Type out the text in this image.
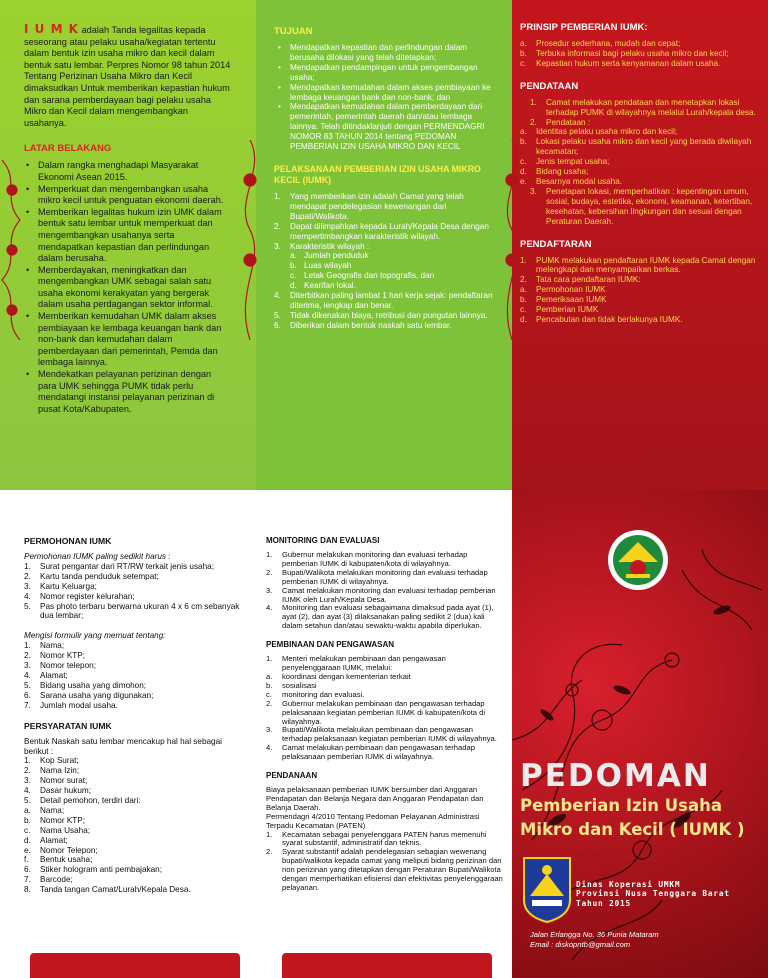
I U M K adalah Tanda legalitas kepada seseorang atau pelaku usaha/kegiatan tertentu dalam bentuk izin usaha mikro dan kecil dalam bentuk satu lembar. Perpres Nomor 98 tahun 2014 Tentang Perizinan Usaha Mikro dan Kecil dimaksudkan Untuk memberikan kepastian hukum dan sarana pemberdayaan bagi pelaku usaha Mikro dan Kecil dalam mengembangkan usahanya.
LATAR BELAKANG
• Dalam rangka menghadapi Masyarakat Ekonomi Asean 2015.
• Memperkuat dan mengembangkan usaha mikro kecil untuk penguatan ekonomi daerah.
• Memberikan legalitas hukum izin UMK dalam bentuk satu lembar untuk memperkuat dan mengembangkan usahanya serta mendapatkan kepastian dan perlindungan dalam berusaha.
• Memberdayakan, meningkatkan dan mengembangkan UMK sebagai salah satu usaha ekonomi kerakyatan yang bergerak dalam usaha perdagangan sektor informal.
• Memberikan kemudahan UMK dalam akses pembiayaan ke lembaga keuangan bank dan non-bank dan kemudahan dalam pemberdayaan dari pemerintah, Pemda dan lembaga lainnya.
• Mendekatkan pelayanan perizinan dengan para UMK sehingga PUMK tidak perlu mendatangi instansi pelayanan perizinan di pusat Kota/Kabupaten.
TUJUAN
• Mendapatkan kepastian dan perlindungan dalam berusaha dilokasi yang telah ditetapkan;
• Mendapatkan pendampingan untuk pengembangan usaha;
• Mendapatkan kemudahan dalam akses pembiayaan ke lembaga keuangan bank dan non-bank; dan
• Mendapatkan kemudahan dalam pemberdayaan dari pemerintah, pemerintah daerah dan/atau lembaga lainnya. Telah ditindaklanjuti dengan PERMENDAGRI NOMOR 83 TAHUN 2014 tentang PEDOMAN PEMBERIAN IZIN USAHA MIKRO DAN KECIL
PELAKSANAAN PEMBERIAN IZIN USAHA MIKRO KECIL (IUMK)
1. Yang memberikan izin adalah Camat yang telah mendapat pendelegasian kewenangan dari Bupati/Walikota.
2. Dapat dilimpahkan kepada Lurah/Kepala Desa dengan mempertimbangkan karakteristik wilayah.
3. Karakteristik wilayah :
a. Jumlah penduduk
b. Luas wilayah
c. Letak Geografis dan topografis, dan
d. Kearifan lokal.
4. Diterbitkan paling lambat 1 hari kerja sejak: pendaftaran diterima, lengkap dan benar.
5. Tidak dikenakan biaya, retribusi dan pungutan lainnya.
6. Diberikan dalam bentuk naskah satu lembar.
PRINSIP PEMBERIAN IUMK:
a. Prosedur sederhana, mudah dan cepat;
b. Terbuka informasi bagi pelaku usaha mikro dan kecil;
c. Kepastian hukum serta kenyamanan dalam usaha.
PENDATAAN
1. Camat melakukan pendataan dan menetapkan lokasi terhadap PUMK di wilayahnya melalui Lurah/kepala desa.
2. Pendataan :
a. Identitas pelaku usaha mikro dan kecil;
b. Lokasi pelaku usaha mikro dan kecil yang berada diwilayah kecamatan;
c. Jenis tempat usaha;
d. Bidang usaha;
e. Besarnya modal usaha.
3. Penetapan lokasi, memperhatikan : kepentingan umum, sosial, budaya, estetika, ekonomi, keamanan, ketertiban, kesehatan, kebersihan lingkungan dan sesuai dengan Peraturan Daerah.
PENDAFTARAN
1. PUMK melakukan pendaftaran IUMK kepada Camat dengan melengkapi dan menyampaikan berkas.
2. Tata cara pendaftaran IUMK:
a. Permohonan IUMK
b. Pemeriksaan IUMK
c. Pemberian IUMK
d. Pencabutan dan tidak berlakunya IUMK.
PERMOHONAN IUMK
Permohonan IUMK paling sedikit harus :
1. Surat pengantar dari RT/RW terkait jenis usaha;
2. Kartu tanda penduduk setempat;
3. Kartu Keluarga;
4. Nomor register kelurahan;
5. Pas photo terbaru berwarna ukuran 4 x 6 cm sebanyak dua lembar;
Mengisi formulir yang memuat tentang:
1. Nama;
2. Nomor KTP;
3. Nomor telepon;
4. Alamat;
5. Bidang usaha yang dimohon;
6. Sarana usaha yang digunakan;
7. Jumlah modal usaha.
PERSYARATAN IUMK
Bentuk Naskah satu lembar mencakup hal hal sebagai berikut :
1. Kop Surat;
2. Nama Izin;
3. Nomor surat;
4. Dasar hukum;
5. Detail pemohon, terdiri dari:
a. Nama;
b. Nomor KTP;
c. Nama Usaha;
d. Alamat;
e. Nomor Telepon;
f. Bentuk usaha;
6. Stiker hologram anti pembajakan;
7. Barcode;
8. Tanda tangan Camat/Lurah/Kepala Desa.
MONITORING DAN EVALUASI
1. Gubernur melakukan monitoring dan evaluasi terhadap pemberian IUMK di kabupaten/kota di wilayahnya.
2. Bupati/Walikota melakukan monitoring dan evaluasi terhadap pemberian IUMK di wilayahnya.
3. Camat melakukan monitoring dan evaluasi terhadap pemberian IUMK oleh Lurah/Kepala Desa.
4. Monitoring dan evaluasi sebagaimana dimaksud pada ayat (1), ayat (2), dan ayat (3) dilaksanakan paling sedikit 2 (dua) kali dalam setahun dan/atau sewaktu-waktu apabila diperlukan.
PEMBINAAN DAN PENGAWASAN
1. Menteri melakukan pembinaan dan pengawasan penyelenggaraan IUMK, melalui:
a. koordinasi dengan kementerian terkait
b. sosialisasi
c. monitoring dan evaluasi.
2. Gubernur melakukan pembinaan dan pengawasan terhadap pelaksanaan kegiatan pemberian IUMK di kabupaten/kota di wilayahnya.
3. Bupati/Walikota melakukan pembinaan dan pengawasan terhadap pelaksanaan kegiatan pemberian IUMK di wilayahnya.
4. Camat melakukan pembinaan dan pengawasan terhadap pelaksanaan pemberian IUMK di wilayahnya.
PENDANAAN
Biaya pelaksanaan pemberian IUMK bersumber dari Anggaran Pendapatan dan Belanja Negara dan Anggaran Pendapatan dan Belanja Daerah.
Permendagri 4/2010 Tentang Pedoman Pelayanan Administrasi Terpadu Kecamatan (PATEN)
1. Kecamatan sebagai penyelenggara PATEN harus memenuhi syarat substantif, administratif dan teknis.
2. Syarat substantif adalah pendelegasian sebagian wewenang bupati/walikota kepada camat yang meliputi bidang perizinan dan non perizinan yang ditetapkan dengan Peraturan Bupati/Walikota dengan memperhatikan efisiensi dan efektivitas penyelenggaraan pelayanan.
PEDOMAN
Pemberian Izin Usaha
Mikro dan Kecil ( IUMK )
Dinas Koperasi UMKM
Provinsi Nusa Tenggara Barat
Tahun 2015
Jalan Erlangga No. 36 Punia Mataram
Email : diskopntb@gmail.com
